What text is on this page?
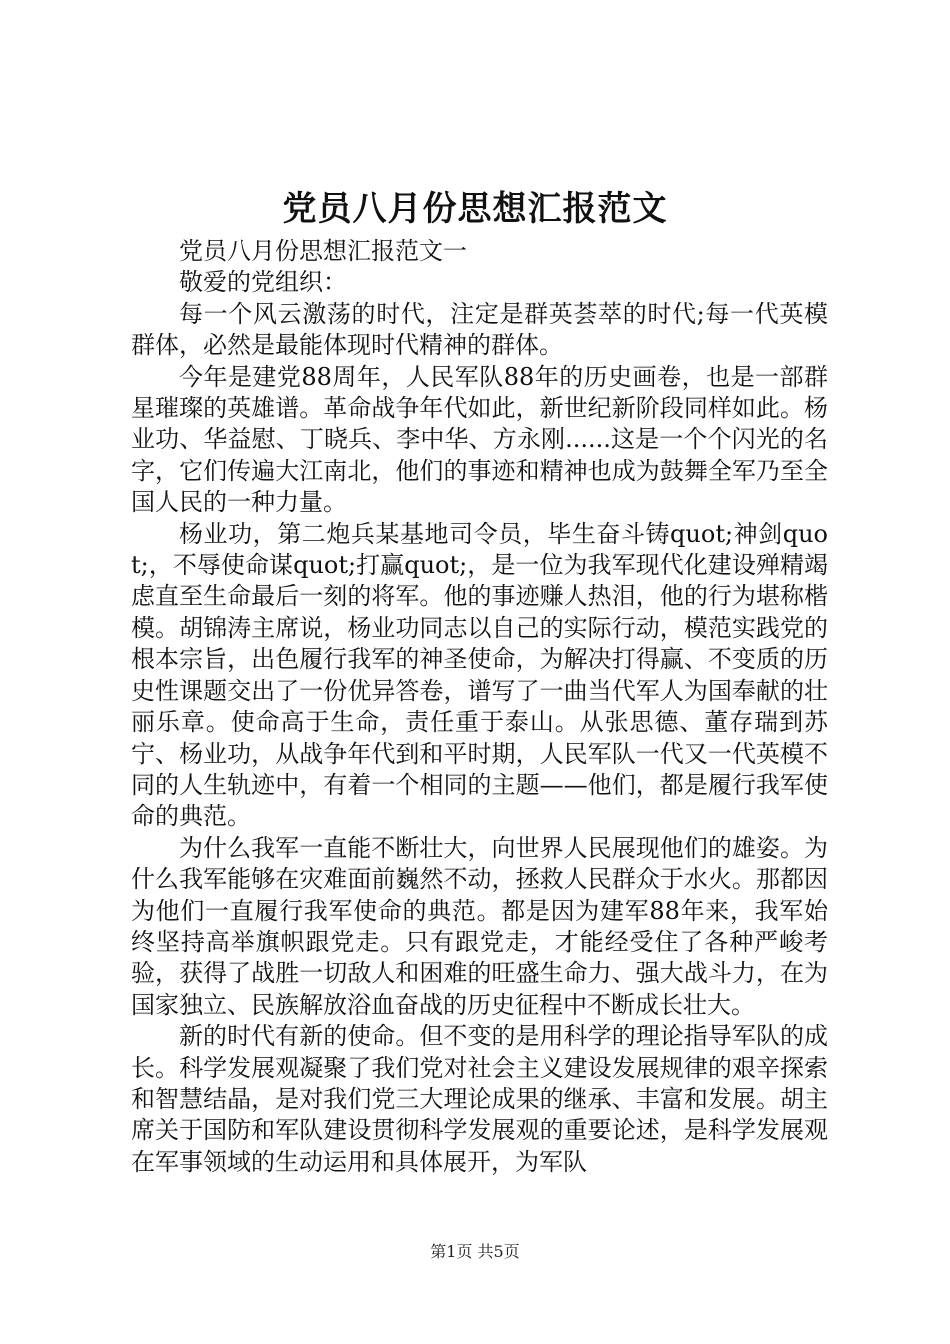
党员八月份思想汇报范文

党员八月份思想汇报范文一

敬爱的党组织：

每一个风云激荡的时代，注定是群英荟萃的时代;每一代英模群体，必然是最能体现时代精神的群体。

今年是建党88周年，人民军队88年的历史画卷，也是一部群星璀璨的英雄谱。革命战争年代如此，新世纪新阶段同样如此。杨业功、华益慰、丁晓兵、李中华、方永刚......这是一个个闪光的名字，它们传遍大江南北，他们的事迹和精神也成为鼓舞全军乃至全国人民的一种力量。

杨业功，第二炮兵某基地司令员，毕生奋斗铸quot;神剑quot;，不辱使命谋quot;打赢quot;，是一位为我军现代化建设殚精竭虑直至生命最后一刻的将军。他的事迹赚人热泪，他的行为堪称楷模。胡锦涛主席说，杨业功同志以自己的实际行动，模范实践党的根本宗旨，出色履行我军的神圣使命，为解决打得赢、不变质的历史性课题交出了一份优异答卷，谱写了一曲当代军人为国奉献的壮丽乐章。使命高于生命，责任重于泰山。从张思德、董存瑞到苏宁、杨业功，从战争年代到和平时期，人民军队一代又一代英模不同的人生轨迹中，有着一个相同的主题——他们，都是履行我军使命的典范。

为什么我军一直能不断壮大，向世界人民展现他们的雄姿。为什么我军能够在灾难面前巍然不动，拯救人民群众于水火。那都因为他们一直履行我军使命的典范。都是因为建军88年来，我军始终坚持高举旗帜跟党走。只有跟党走，才能经受住了各种严峻考验，获得了战胜一切敌人和困难的旺盛生命力、强大战斗力，在为国家独立、民族解放浴血奋战的历史征程中不断成长壮大。

新的时代有新的使命。但不变的是用科学的理论指导军队的成长。科学发展观凝聚了我们党对社会主义建设发展规律的艰辛探索和智慧结晶，是对我们党三大理论成果的继承、丰富和发展。胡主席关于国防和军队建设贯彻科学发展观的重要论述，是科学发展观在军事领域的生动运用和具体展开，为军队

第1页 共5页
